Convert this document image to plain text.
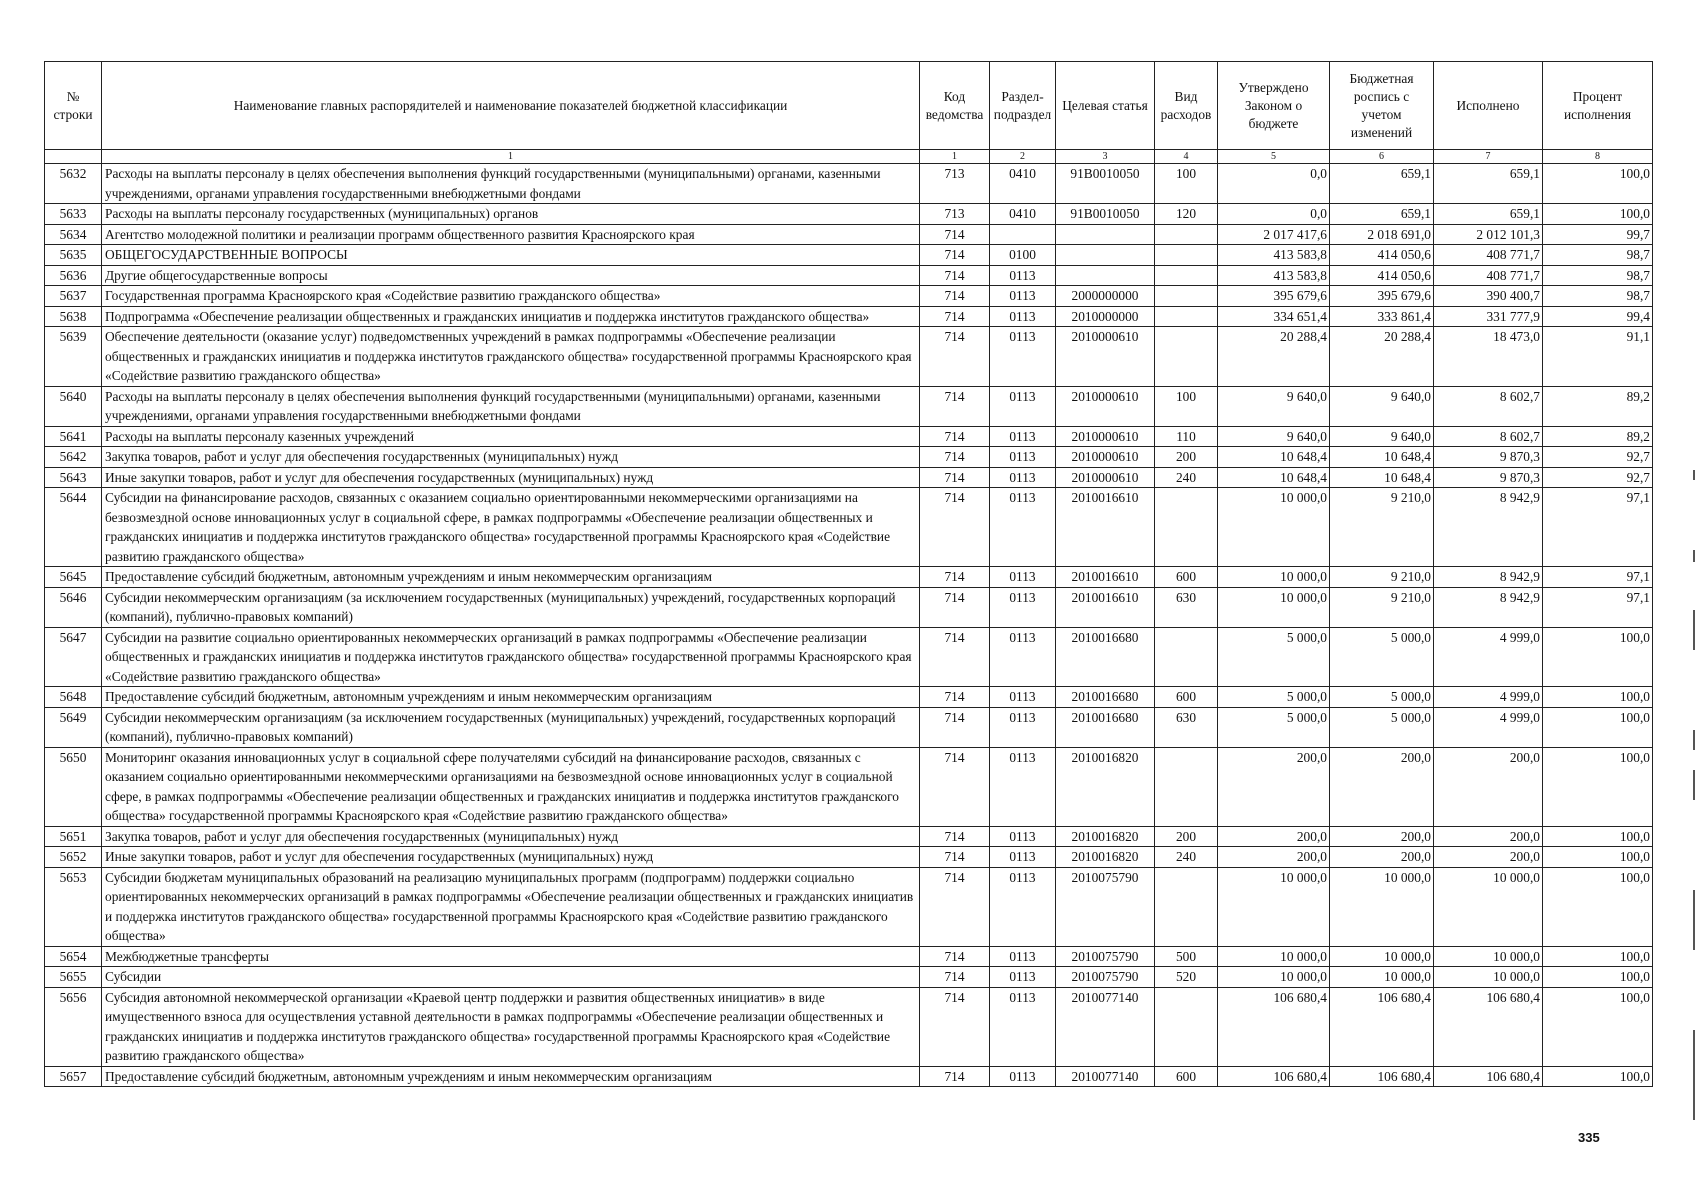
№ строки	Наименование главных распорядителей и наименование показателей бюджетной классификации	Код ведомства	Раздел-подраздел	Целевая статья	Вид расходов	Утверждено Законом о бюджете	Бюджетная роспись с учетом изменений	Исполнено	Процент исполнения
	1	1	2	3	4	5	6	7	8
5632	Расходы на выплаты персоналу в целях обеспечения выполнения функций государственными (муниципальными) органами, казенными учреждениями, органами управления государственными внебюджетными фондами	713	0410	91В0010050	100	0,0	659,1	659,1	100,0
5633	Расходы на выплаты персоналу государственных (муниципальных) органов	713	0410	91В0010050	120	0,0	659,1	659,1	100,0
5634	Агентство молодежной политики и реализации программ общественного развития Красноярского края	714				2 017 417,6	2 018 691,0	2 012 101,3	99,7
5635	ОБЩЕГОСУДАРСТВЕННЫЕ ВОПРОСЫ	714	0100			413 583,8	414 050,6	408 771,7	98,7
5636	Другие общегосударственные вопросы	714	0113			413 583,8	414 050,6	408 771,7	98,7
5637	Государственная программа Красноярского края «Содействие развитию гражданского общества»	714	0113	2000000000		395 679,6	395 679,6	390 400,7	98,7
5638	Подпрограмма «Обеспечение реализации общественных и гражданских инициатив и поддержка институтов гражданского общества»	714	0113	2010000000		334 651,4	333 861,4	331 777,9	99,4
5639	Обеспечение деятельности (оказание услуг) подведомственных учреждений в рамках подпрограммы «Обеспечение реализации общественных и гражданских инициатив и поддержка институтов гражданского общества» государственной программы Красноярского края «Содействие развитию гражданского общества»	714	0113	2010000610		20 288,4	20 288,4	18 473,0	91,1
5640	Расходы на выплаты персоналу в целях обеспечения выполнения функций государственными (муниципальными) органами, казенными учреждениями, органами управления государственными внебюджетными фондами	714	0113	2010000610	100	9 640,0	9 640,0	8 602,7	89,2
5641	Расходы на выплаты персоналу казенных учреждений	714	0113	2010000610	110	9 640,0	9 640,0	8 602,7	89,2
5642	Закупка товаров, работ и услуг для обеспечения государственных (муниципальных) нужд	714	0113	2010000610	200	10 648,4	10 648,4	9 870,3	92,7
5643	Иные закупки товаров, работ и услуг для обеспечения государственных (муниципальных) нужд	714	0113	2010000610	240	10 648,4	10 648,4	9 870,3	92,7
5644	Субсидии на финансирование расходов, связанных с оказанием социально ориентированными некоммерческими организациями на безвозмездной основе инновационных услуг в социальной сфере, в рамках подпрограммы «Обеспечение реализации общественных и гражданских инициатив и поддержка институтов гражданского общества» государственной программы Красноярского края «Содействие развитию гражданского общества»	714	0113	2010016610		10 000,0	9 210,0	8 942,9	97,1
5645	Предоставление субсидий бюджетным, автономным учреждениям и иным некоммерческим организациям	714	0113	2010016610	600	10 000,0	9 210,0	8 942,9	97,1
5646	Субсидии некоммерческим организациям (за исключением государственных (муниципальных) учреждений, государственных корпораций (компаний), публично-правовых компаний)	714	0113	2010016610	630	10 000,0	9 210,0	8 942,9	97,1
5647	Субсидии на развитие социально ориентированных некоммерческих организаций в рамках подпрограммы «Обеспечение реализации общественных и гражданских инициатив и поддержка институтов гражданского общества» государственной программы Красноярского края «Содействие развитию гражданского общества»	714	0113	2010016680		5 000,0	5 000,0	4 999,0	100,0
5648	Предоставление субсидий бюджетным, автономным учреждениям и иным некоммерческим организациям	714	0113	2010016680	600	5 000,0	5 000,0	4 999,0	100,0
5649	Субсидии некоммерческим организациям (за исключением государственных (муниципальных) учреждений, государственных корпораций (компаний), публично-правовых компаний)	714	0113	2010016680	630	5 000,0	5 000,0	4 999,0	100,0
5650	Мониторинг оказания инновационных услуг в социальной сфере получателями субсидий на финансирование расходов, связанных с оказанием социально ориентированными некоммерческими организациями на безвозмездной основе инновационных услуг в социальной сфере, в рамках подпрограммы «Обеспечение реализации общественных и гражданских инициатив и поддержка институтов гражданского общества» государственной программы Красноярского края «Содействие развитию гражданского общества»	714	0113	2010016820		200,0	200,0	200,0	100,0
5651	Закупка товаров, работ и услуг для обеспечения государственных (муниципальных) нужд	714	0113	2010016820	200	200,0	200,0	200,0	100,0
5652	Иные закупки товаров, работ и услуг для обеспечения государственных (муниципальных) нужд	714	0113	2010016820	240	200,0	200,0	200,0	100,0
5653	Субсидии бюджетам муниципальных образований на реализацию муниципальных программ (подпрограмм) поддержки социально ориентированных некоммерческих организаций в рамках подпрограммы «Обеспечение реализации общественных и гражданских инициатив и поддержка институтов гражданского общества» государственной программы Красноярского края «Содействие развитию гражданского общества»	714	0113	2010075790		10 000,0	10 000,0	10 000,0	100,0
5654	Межбюджетные трансферты	714	0113	2010075790	500	10 000,0	10 000,0	10 000,0	100,0
5655	Субсидии	714	0113	2010075790	520	10 000,0	10 000,0	10 000,0	100,0
5656	Субсидия автономной некоммерческой организации «Краевой центр поддержки и развития общественных инициатив» в виде имущественного взноса для осуществления уставной деятельности в рамках подпрограммы «Обеспечение реализации общественных и гражданских инициатив и поддержка институтов гражданского общества» государственной программы Красноярского края «Содействие развитию гражданского общества»	714	0113	2010077140		106 680,4	106 680,4	106 680,4	100,0
5657	Предоставление субсидий бюджетным, автономным учреждениям и иным некоммерческим организациям	714	0113	2010077140	600	106 680,4	106 680,4	106 680,4	100,0
335
